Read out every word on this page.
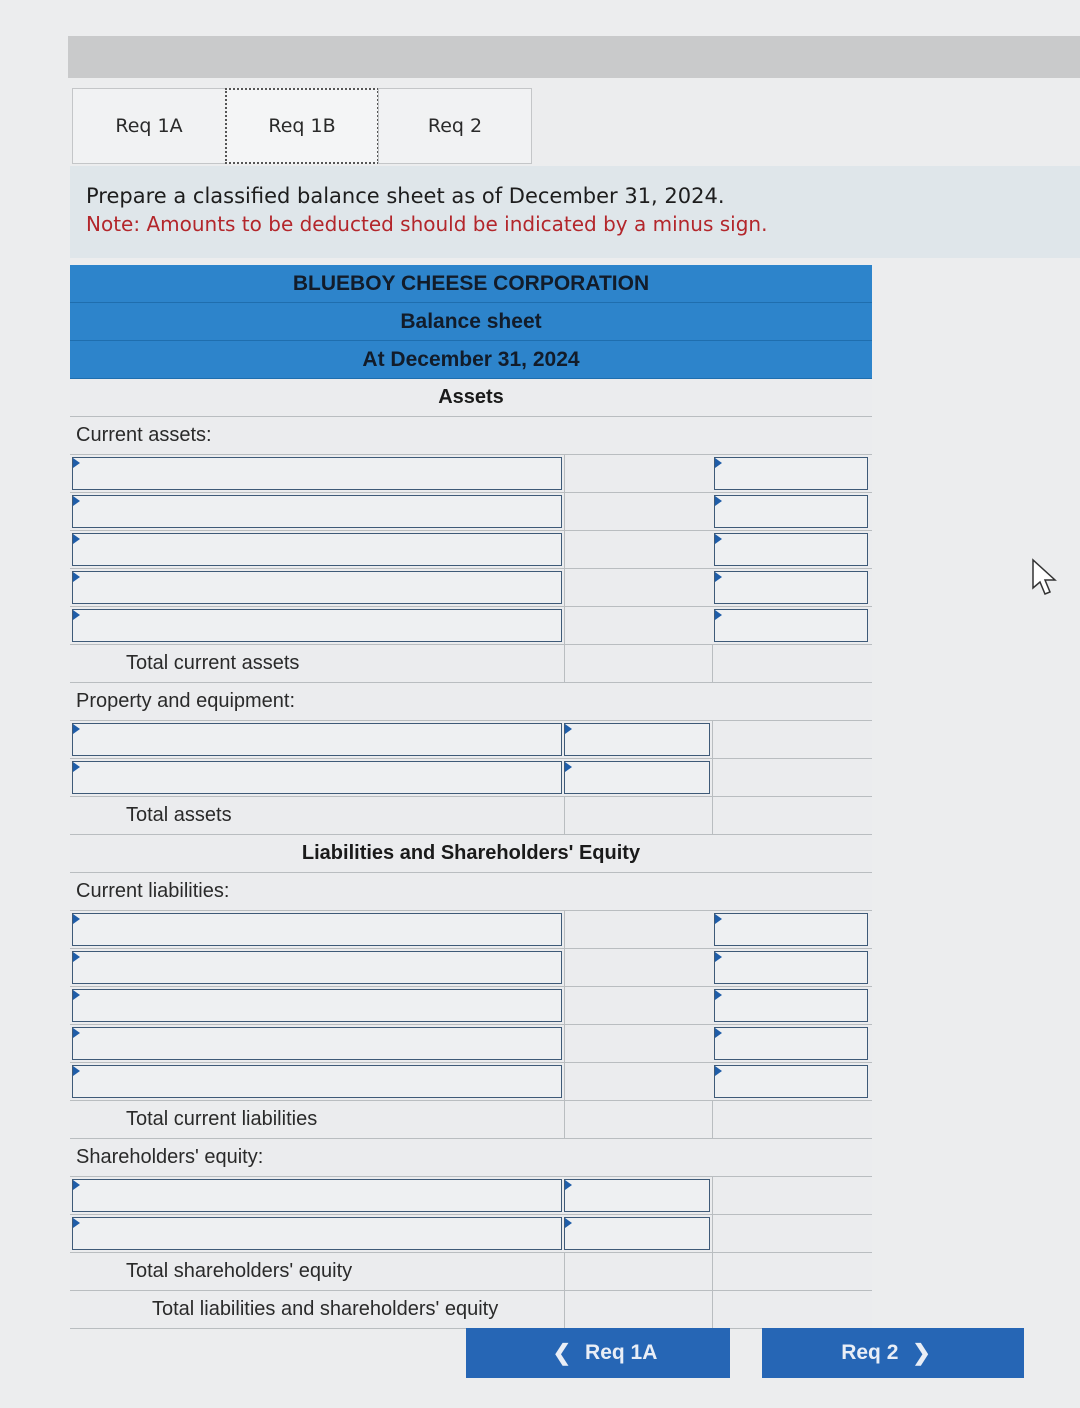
Req 1A	Req 1B	Req 2
Prepare a classified balance sheet as of December 31, 2024.
Note: Amounts to be deducted should be indicated by a minus sign.
BLUEBOY CHEESE CORPORATION
Balance sheet
At December 31, 2024
Assets
Current assets:
Total current assets
Property and equipment:
Total assets
Liabilities and Shareholders' Equity
Current liabilities:
Total current liabilities
Shareholders' equity:
Total shareholders' equity
Total liabilities and shareholders' equity
❮ Req 1A	Req 2 ❯
